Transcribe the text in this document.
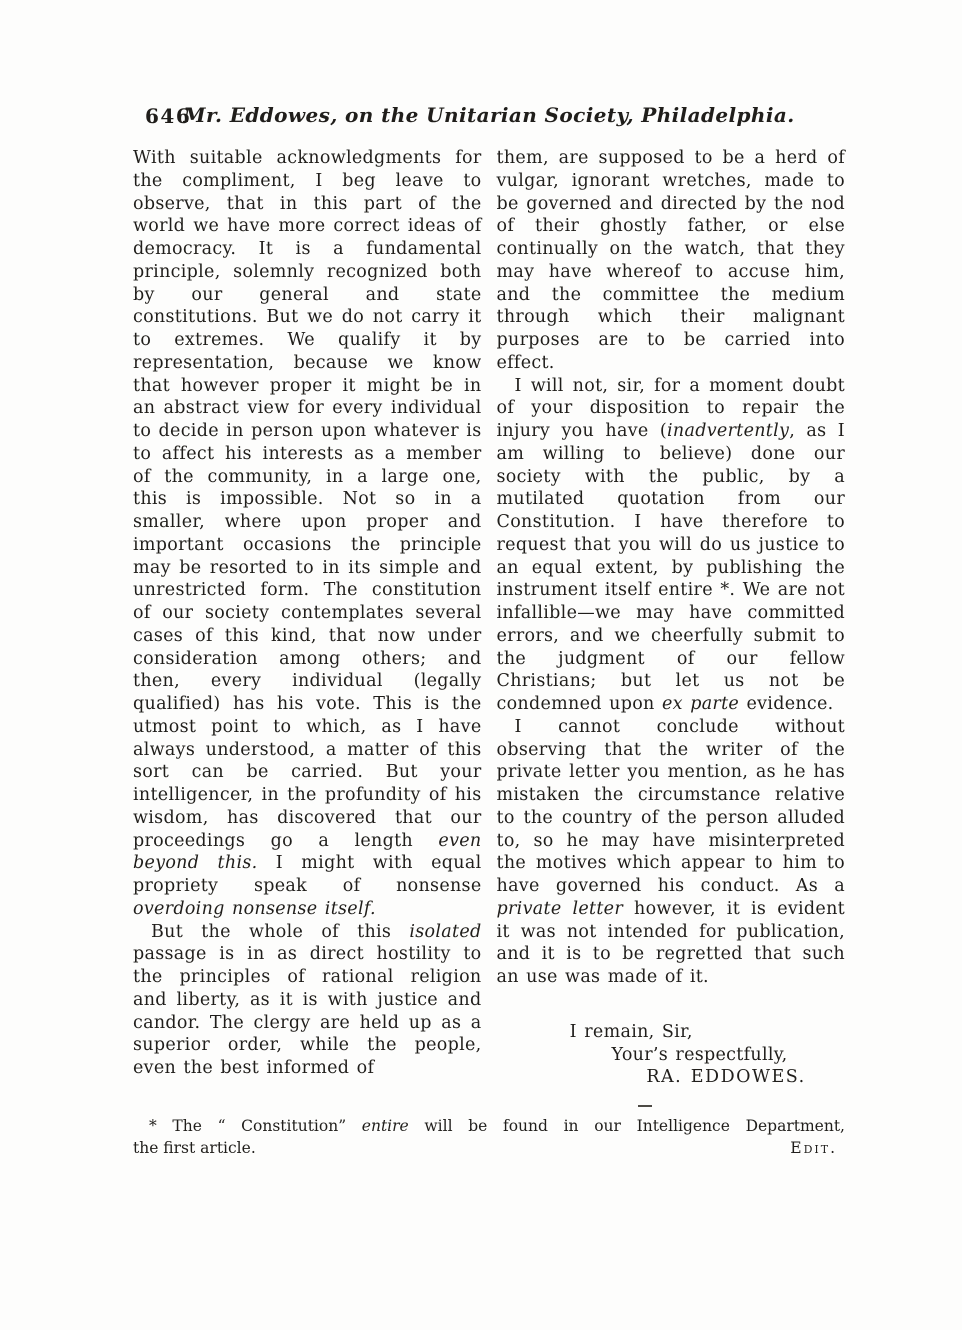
646
Mr. Eddowes, on the Unitarian Society, Philadelphia.

With suitable acknowledgments for the compliment, I beg leave to observe, that in this part of the world we have more correct ideas of democracy. It is a fundamental principle, solemnly recognized both by our general and state constitutions. But we do not carry it to extremes. We qualify it by representation, because we know that however proper it might be in an abstract view for every individual to decide in person upon whatever is to affect his interests as a member of the community, in a large one, this is impossible. Not so in a smaller, where upon proper and important occasions the principle may be resorted to in its simple and unrestricted form. The constitution of our society contemplates several cases of this kind, that now under consideration among others; and then, every individual (legally qualified) has his vote. This is the utmost point to which, as I have always understood, a matter of this sort can be carried. But your intelligencer, in the profundity of his wisdom, has discovered that our proceedings go a length even beyond this. I might with equal propriety speak of nonsense overdoing nonsense itself.

But the whole of this isolated passage is in as direct hostility to the principles of rational religion and liberty, as it is with justice and candor. The clergy are held up as a superior order, while the people, even the best informed of

them, are supposed to be a herd of vulgar, ignorant wretches, made to be governed and directed by the nod of their ghostly father, or else continually on the watch, that they may have whereof to accuse him, and the committee the medium through which their malignant purposes are to be carried into effect.

I will not, sir, for a moment doubt of your disposition to repair the injury you have (inadvertently, as I am willing to believe) done our society with the public, by a mutilated quotation from our Constitution. I have therefore to request that you will do us justice to an equal extent, by publishing the instrument itself entire *. We are not infallible—we may have committed errors, and we cheerfully submit to the judgment of our fellow Christians; but let us not be condemned upon ex parte evidence.

I cannot conclude without observing that the writer of the private letter you mention, as he has mistaken the circumstance relative to the country of the person alluded to, so he may have misinterpreted the motives which appear to him to have governed his conduct. As a private letter however, it is evident it was not intended for publication, and it is to be regretted that such an use was made of it.

I remain, Sir,
Your’s respectfully,
RA. EDDOWES.

* The “ Constitution” entire will be found in our Intelligence Department,

the first article.	Edit.
